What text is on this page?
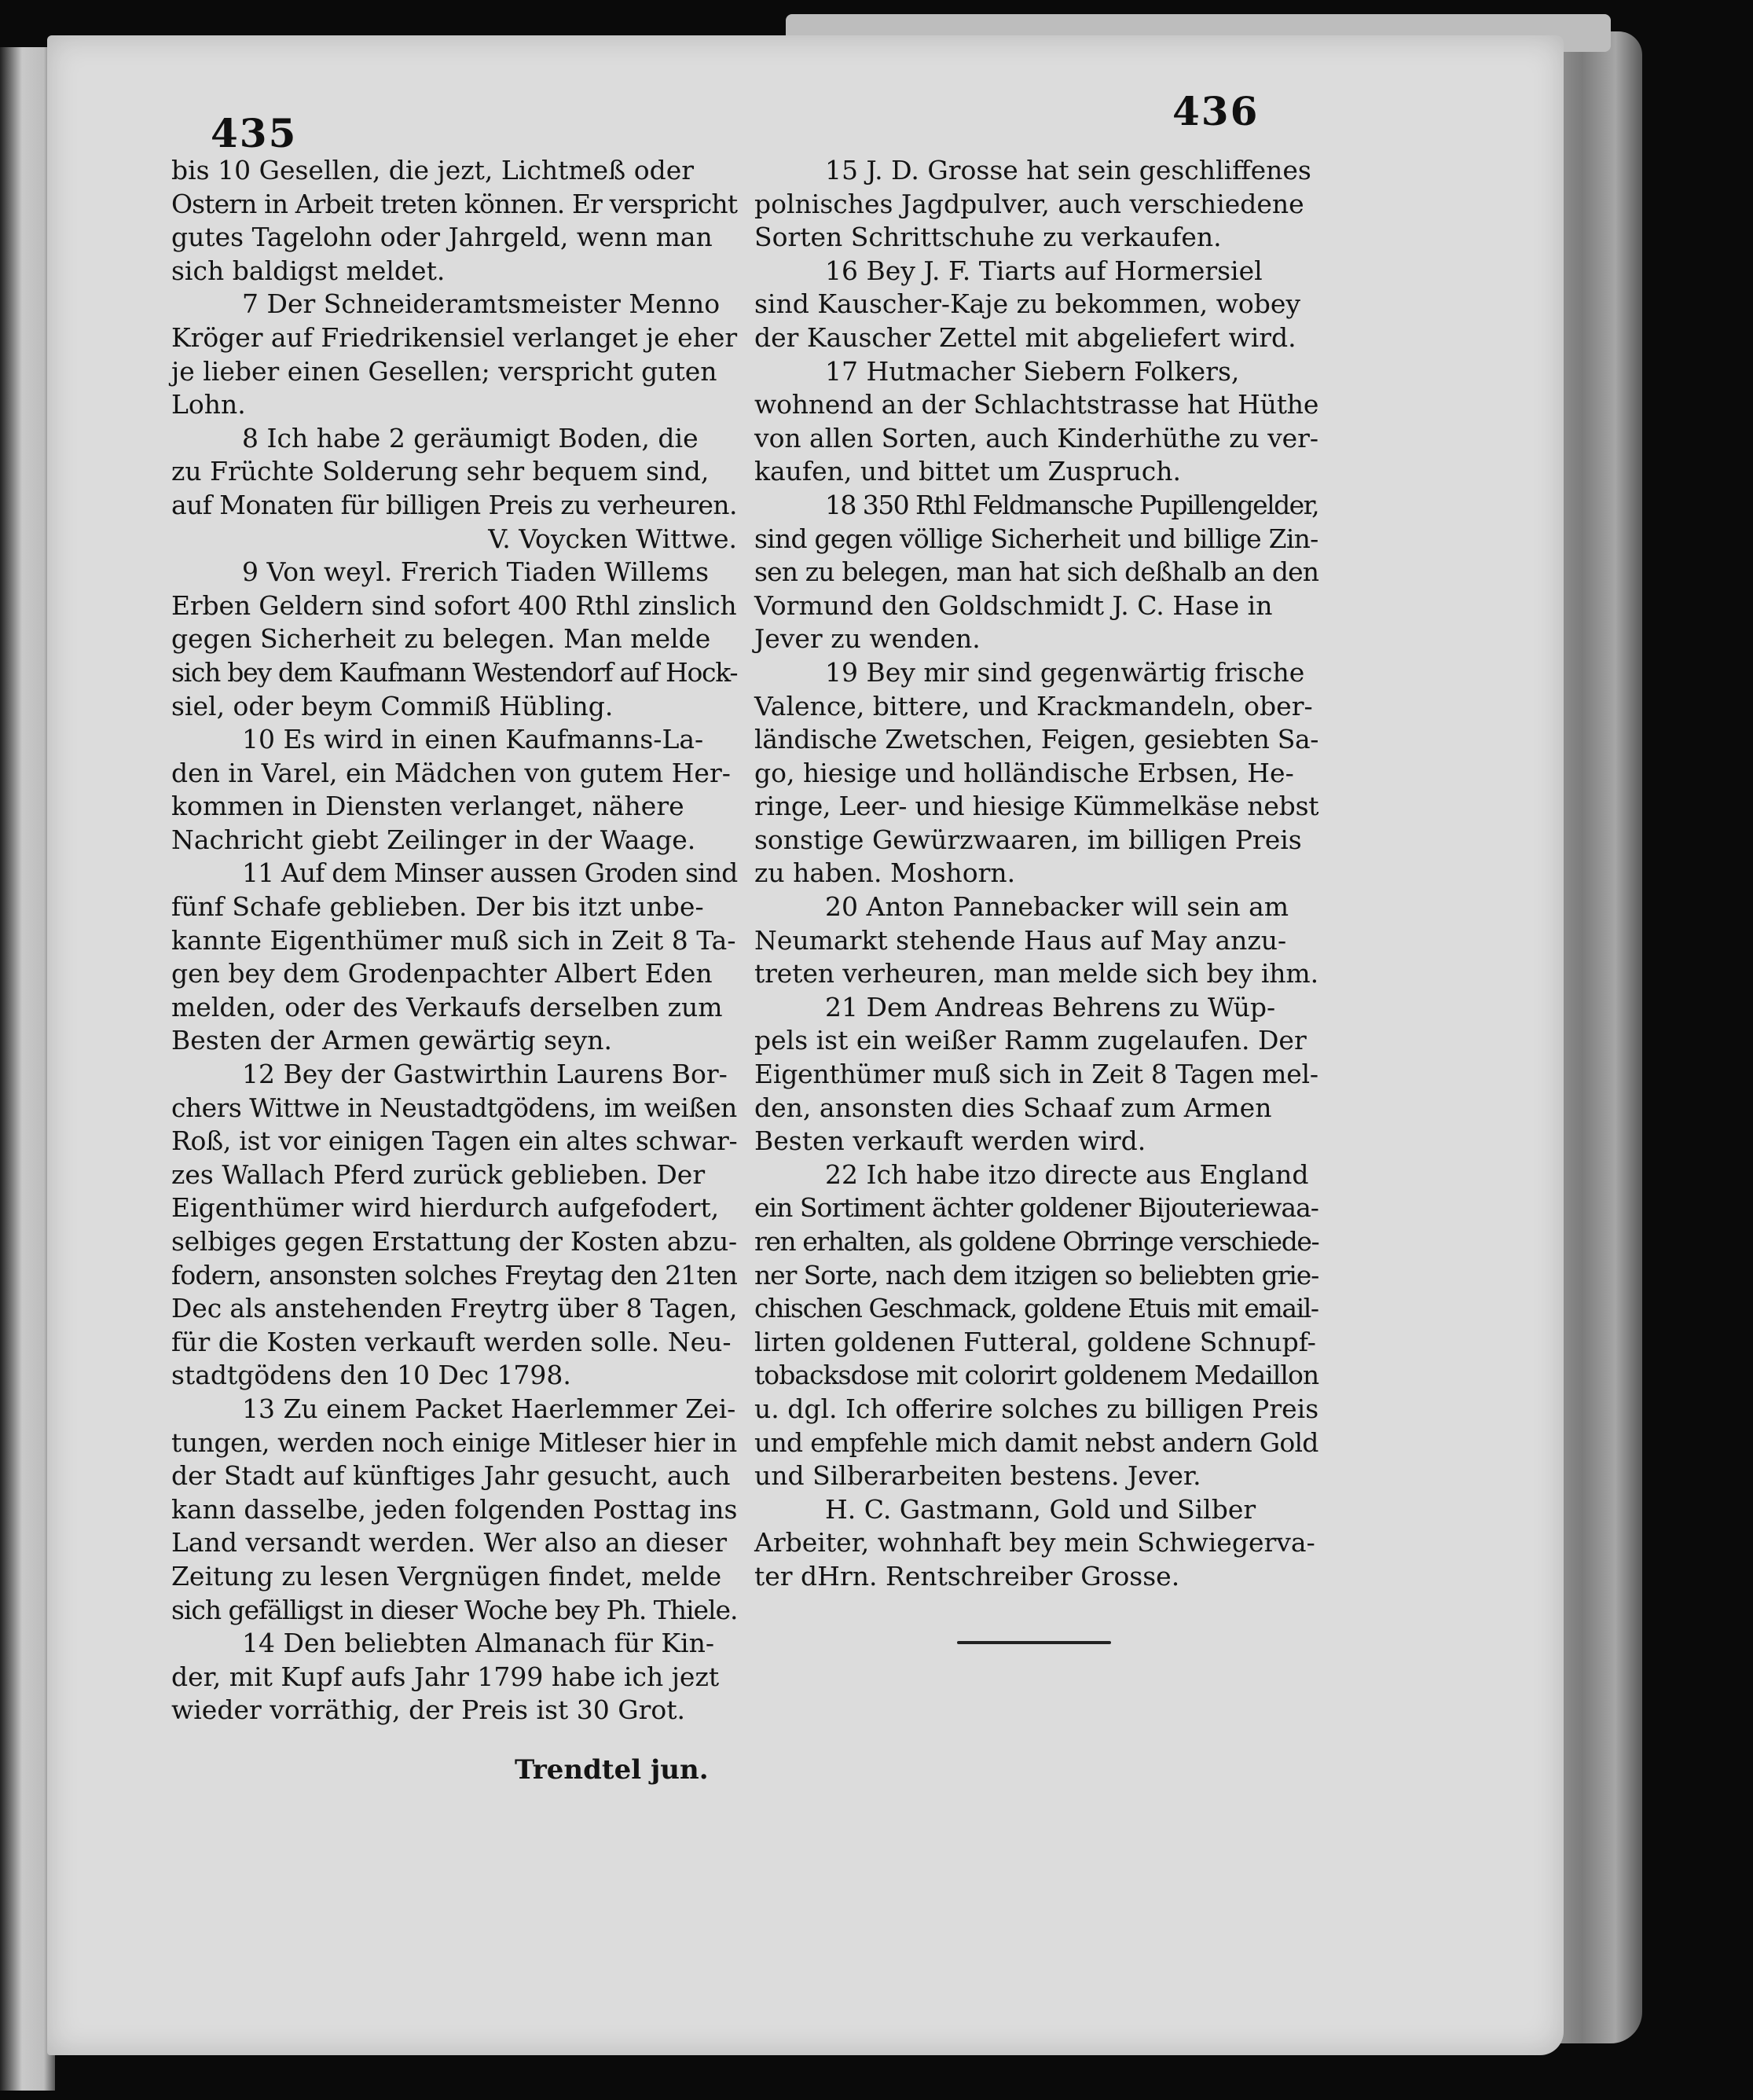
435	436
bis 10 Gesellen, die jezt, Lichtmeß oder
Ostern in Arbeit treten können. Er verspricht
gutes Tagelohn oder Jahrgeld, wenn man
sich baldigst meldet.
7 Der Schneideramtsmeister Menno
Kröger auf Friedrikensiel verlanget je eher
je lieber einen Gesellen; verspricht guten
Lohn.
8 Ich habe 2 geräumigt Boden, die
zu Früchte Solderung sehr bequem sind,
auf Monaten für billigen Preis zu verheuren.
V. Voycken Wittwe.
9 Von weyl. Frerich Tiaden Willems
Erben Geldern sind sofort 400 Rthl zinslich
gegen Sicherheit zu belegen. Man melde
sich bey dem Kaufmann Westendorf auf Hock-
siel, oder beym Commiß Hübling.
10 Es wird in einen Kaufmanns-La-
den in Varel, ein Mädchen von gutem Her-
kommen in Diensten verlanget, nähere
Nachricht giebt Zeilinger in der Waage.
11 Auf dem Minser aussen Groden sind
fünf Schafe geblieben. Der bis itzt unbe-
kannte Eigenthümer muß sich in Zeit 8 Ta-
gen bey dem Grodenpachter Albert Eden
melden, oder des Verkaufs derselben zum
Besten der Armen gewärtig seyn.
12 Bey der Gastwirthin Laurens Bor-
chers Wittwe in Neustadtgödens, im weißen
Roß, ist vor einigen Tagen ein altes schwar-
zes Wallach Pferd zurück geblieben. Der
Eigenthümer wird hierdurch aufgefodert,
selbiges gegen Erstattung der Kosten abzu-
fodern, ansonsten solches Freytag den 21ten
Dec als anstehenden Freytrg über 8 Tagen,
für die Kosten verkauft werden solle. Neu-
stadtgödens den 10 Dec 1798.
13 Zu einem Packet Haerlemmer Zei-
tungen, werden noch einige Mitleser hier in
der Stadt auf künftiges Jahr gesucht, auch
kann dasselbe, jeden folgenden Posttag ins
Land versandt werden. Wer also an dieser
Zeitung zu lesen Vergnügen findet, melde
sich gefälligst in dieser Woche bey Ph. Thiele.
14 Den beliebten Almanach für Kin-
der, mit Kupf aufs Jahr 1799 habe ich jezt
wieder vorräthig, der Preis ist 30 Grot.
Trendtel jun.
15 J. D. Grosse hat sein geschliffenes
polnisches Jagdpulver, auch verschiedene
Sorten Schrittschuhe zu verkaufen.
16 Bey J. F. Tiarts auf Hormersiel
sind Kauscher-Kaje zu bekommen, wobey
der Kauscher Zettel mit abgeliefert wird.
17 Hutmacher Siebern Folkers,
wohnend an der Schlachtstrasse hat Hüthe
von allen Sorten, auch Kinderhüthe zu ver-
kaufen, und bittet um Zuspruch.
18 350 Rthl Feldmansche Pupillengelder,
sind gegen völlige Sicherheit und billige Zin-
sen zu belegen, man hat sich deßhalb an den
Vormund den Goldschmidt J. C. Hase in
Jever zu wenden.
19 Bey mir sind gegenwärtig frische
Valence, bittere, und Krackmandeln, ober-
ländische Zwetschen, Feigen, gesiebten Sa-
go, hiesige und holländische Erbsen, He-
ringe, Leer- und hiesige Kümmelkäse nebst
sonstige Gewürzwaaren, im billigen Preis
zu haben. Moshorn.
20 Anton Pannebacker will sein am
Neumarkt stehende Haus auf May anzu-
treten verheuren, man melde sich bey ihm.
21 Dem Andreas Behrens zu Wüp-
pels ist ein weißer Ramm zugelaufen. Der
Eigenthümer muß sich in Zeit 8 Tagen mel-
den, ansonsten dies Schaaf zum Armen
Besten verkauft werden wird.
22 Ich habe itzo directe aus England
ein Sortiment ächter goldener Bijouteriewaa-
ren erhalten, als goldene Obrringe verschiede-
ner Sorte, nach dem itzigen so beliebten grie-
chischen Geschmack, goldene Etuis mit email-
lirten goldenen Futteral, goldene Schnupf-
tobacksdose mit colorirt goldenem Medaillon
u. dgl. Ich offerire solches zu billigen Preis
und empfehle mich damit nebst andern Gold
und Silberarbeiten bestens. Jever.
H. C. Gastmann, Gold und Silber
Arbeiter, wohnhaft bey mein Schwiegerva-
ter dHrn. Rentschreiber Grosse.
